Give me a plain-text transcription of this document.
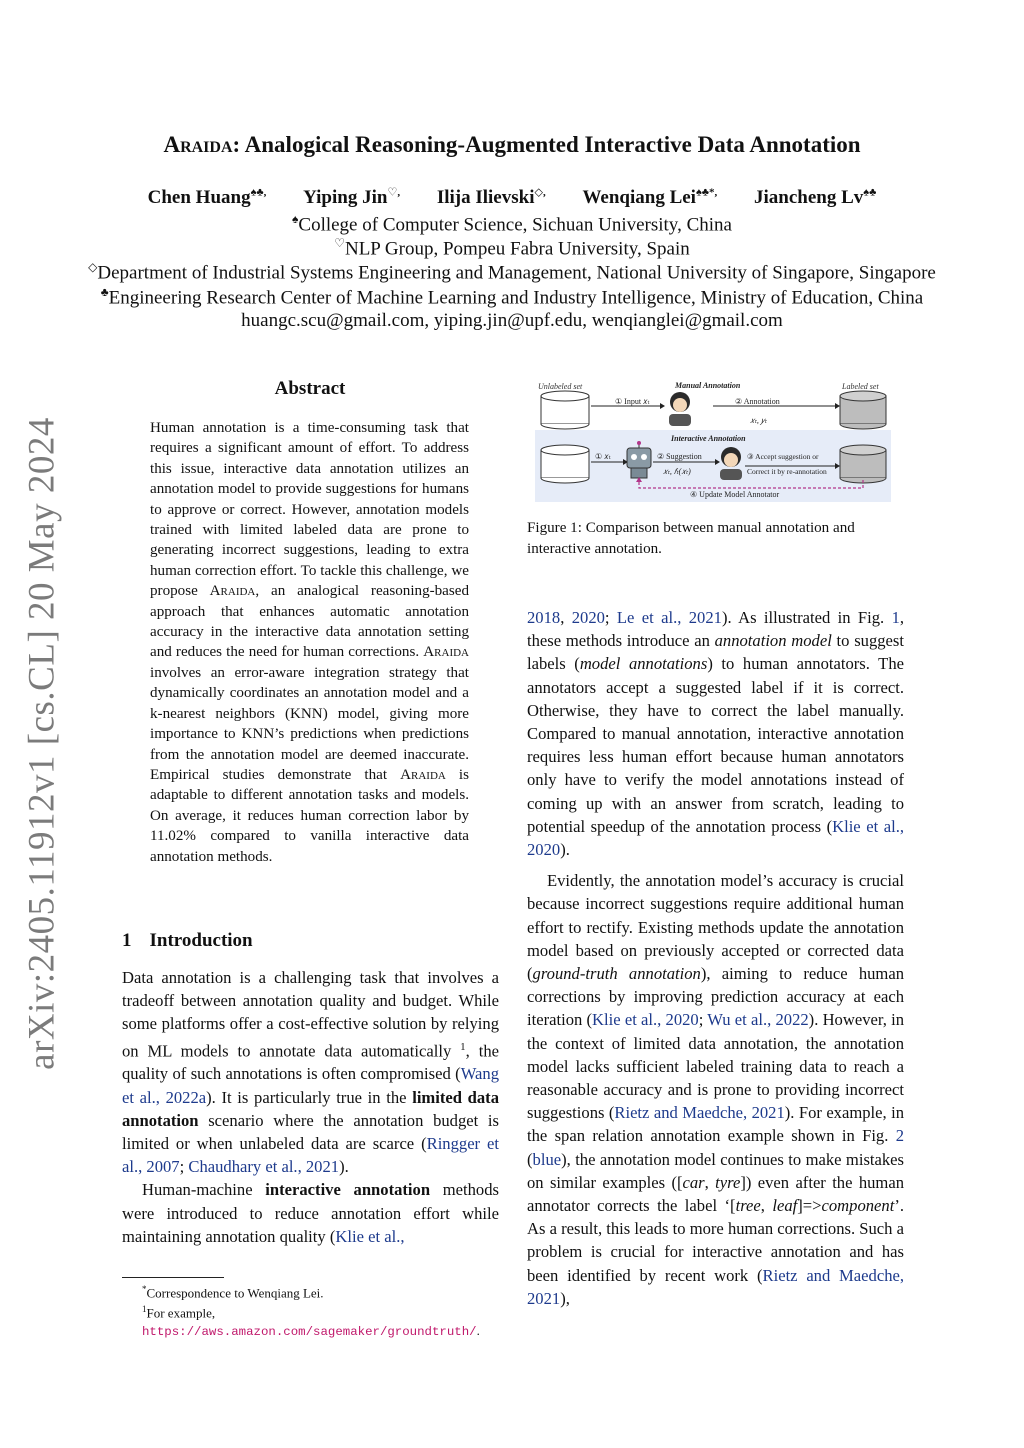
Araida: Analogical Reasoning-Augmented Interactive Data Annotation
Chen Huang♠♣, Yiping Jin♡, Ilija Ilievski◇, Wenqiang Lei♠♣*, Jiancheng Lv♠♣
♠College of Computer Science, Sichuan University, China
♡NLP Group, Pompeu Fabra University, Spain
◇Department of Industrial Systems Engineering and Management, National University of Singapore, Singapore
♣Engineering Research Center of Machine Learning and Industry Intelligence, Ministry of Education, China
huangc.scu@gmail.com, yiping.jin@upf.edu, wenqianglei@gmail.com
arXiv:2405.11912v1 [cs.CL] 20 May 2024
Abstract
Human annotation is a time-consuming task that requires a significant amount of effort. To address this issue, interactive data annotation utilizes an annotation model to provide suggestions for humans to approve or correct. However, annotation models trained with limited labeled data are prone to generating incorrect suggestions, leading to extra human correction effort. To tackle this challenge, we propose Araida, an analogical reasoning-based approach that enhances automatic annotation accuracy in the interactive data annotation setting and reduces the need for human corrections. Araida involves an error-aware integration strategy that dynamically coordinates an annotation model and a k-nearest neighbors (KNN) model, giving more importance to KNN’s predictions when predictions from the annotation model are deemed inaccurate. Empirical studies demonstrate that Araida is adaptable to different annotation tasks and models. On average, it reduces human correction labor by 11.02% compared to vanilla interactive data annotation methods.
1 Introduction

Data annotation is a challenging task that involves a tradeoff between annotation quality and budget. While some platforms offer a cost-effective solution by relying on ML models to annotate data automatically $^1$, the quality of such annotations is often compromised (Wang et al., 2022a). It is particularly true in the limited data annotation scenario where the annotation budget is limited or when unlabeled data are scarce (Ringger et al., 2007; Chaudhary et al., 2021).

Human-machine interactive annotation methods were introduced to reduce annotation effort while maintaining annotation quality (Klie et al.,

*Correspondence to Wenqiang Lei.
$^1$For example, https://aws.amazon.com/sagemaker/groundtruth/.
Unlabeled set	Labeled set
Manual Annotation
① Input 𝑥ₜ	② Annotation
𝑥ₜ, 𝑦ₜ
Interactive Annotation
① 𝑥ₜ	② Suggestion
𝑥ₜ, 𝑓ₜ(𝑥ₜ)
③ Accept suggestion or
Correct it by re-annotation
④ Update Model Annotator
Figure 1: Comparison between manual annotation and interactive annotation.

2018, 2020; Le et al., 2021). As illustrated in Fig. 1, these methods introduce an annotation model to suggest labels (model annotations) to human annotators. The annotators accept a suggested label if it is correct. Otherwise, they have to correct the label manually. Compared to manual annotation, interactive annotation requires less human effort because human annotators only have to verify the model annotations instead of coming up with an answer from scratch, leading to potential speedup of the annotation process (Klie et al., 2020).

Evidently, the annotation model’s accuracy is crucial because incorrect suggestions require additional human effort to rectify. Existing methods update the annotation model based on previously accepted or corrected data (ground-truth annotation), aiming to reduce human corrections by improving prediction accuracy at each iteration (Klie et al., 2020; Wu et al., 2022). However, in the context of limited data annotation, the annotation model lacks sufficient labeled training data to reach a reasonable accuracy and is prone to providing incorrect suggestions (Rietz and Maedche, 2021). For example, in the span relation annotation example shown in Fig. 2 (blue), the annotation model continues to make mistakes on similar examples ([car, tyre]) even after the human annotator corrects the label ‘[tree, leaf]=>component’. As a result, this leads to more human corrections. Such a problem is crucial for interactive annotation and has been identified by recent work (Rietz and Maedche, 2021),
